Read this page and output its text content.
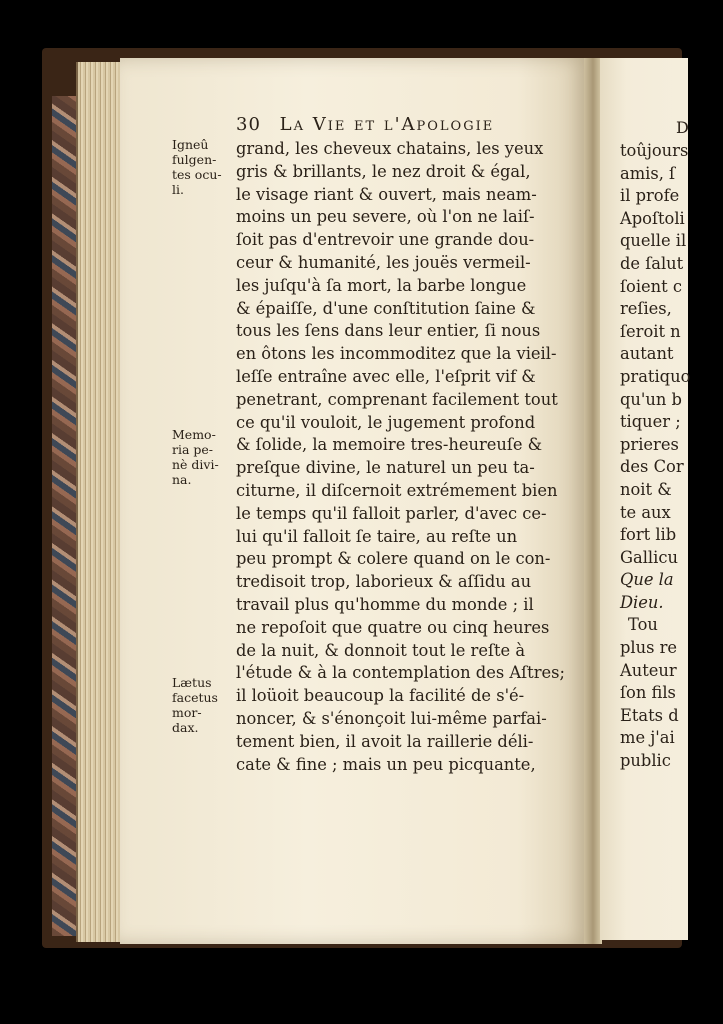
30 La Vie et l'Apologie
grand, les cheveux chatains, les yeux
gris & brillants, le nez droit & égal,
le visage riant & ouvert, mais neam-
moins un peu severe, où l'on ne laiſ-
ſoit pas d'entrevoir une grande dou-
ceur & humanité, les jouës vermeil-
les juſqu'à ſa mort, la barbe longue
& épaiſſe, d'une conſtitution ſaine &
tous les ſens dans leur entier, ſi nous
en ôtons les incommoditez que la vieil-
leſſe entraîne avec elle, l'eſprit vif &
penetrant, comprenant facilement tout
ce qu'il vouloit, le jugement profond
& ſolide, la memoire tres-heureuſe &
preſque divine, le naturel un peu ta-
citurne, il diſcernoit extrémement bien
le temps qu'il falloit parler, d'avec ce-
lui qu'il falloit ſe taire, au reſte un
peu prompt & colere quand on le con-
tredisoit trop, laborieux & aſſidu au
travail plus qu'homme du monde ; il
ne repoſoit que quatre ou cinq heures
de la nuit, & donnoit tout le reſte à
l'étude & à la contemplation des Aſtres;
il loüoit beaucoup la facilité de s'é-
noncer, & s'énonçoit lui-même parfai-
tement bien, il avoit la raillerie déli-
cate & fine ; mais un peu picquante,
Igneû
fulgen-
tes ocu-
li.
Memo-
ria pe-
nè divi-
na.
Lætus
facetus
mor-
dax.
D
toûjours
amis, ſ
il profe
Apoſtoli
quelle il
de ſalut
ſoient c
reſies,
ſeroit n
autant
pratiquo
qu'un b
tiquer ;
prieres
des Cor
noit &
te aux
fort lib
Gallicu
Que la
Dieu.
Tou
plus re
Auteur
ſon fils
Etats d
me j'ai
public
